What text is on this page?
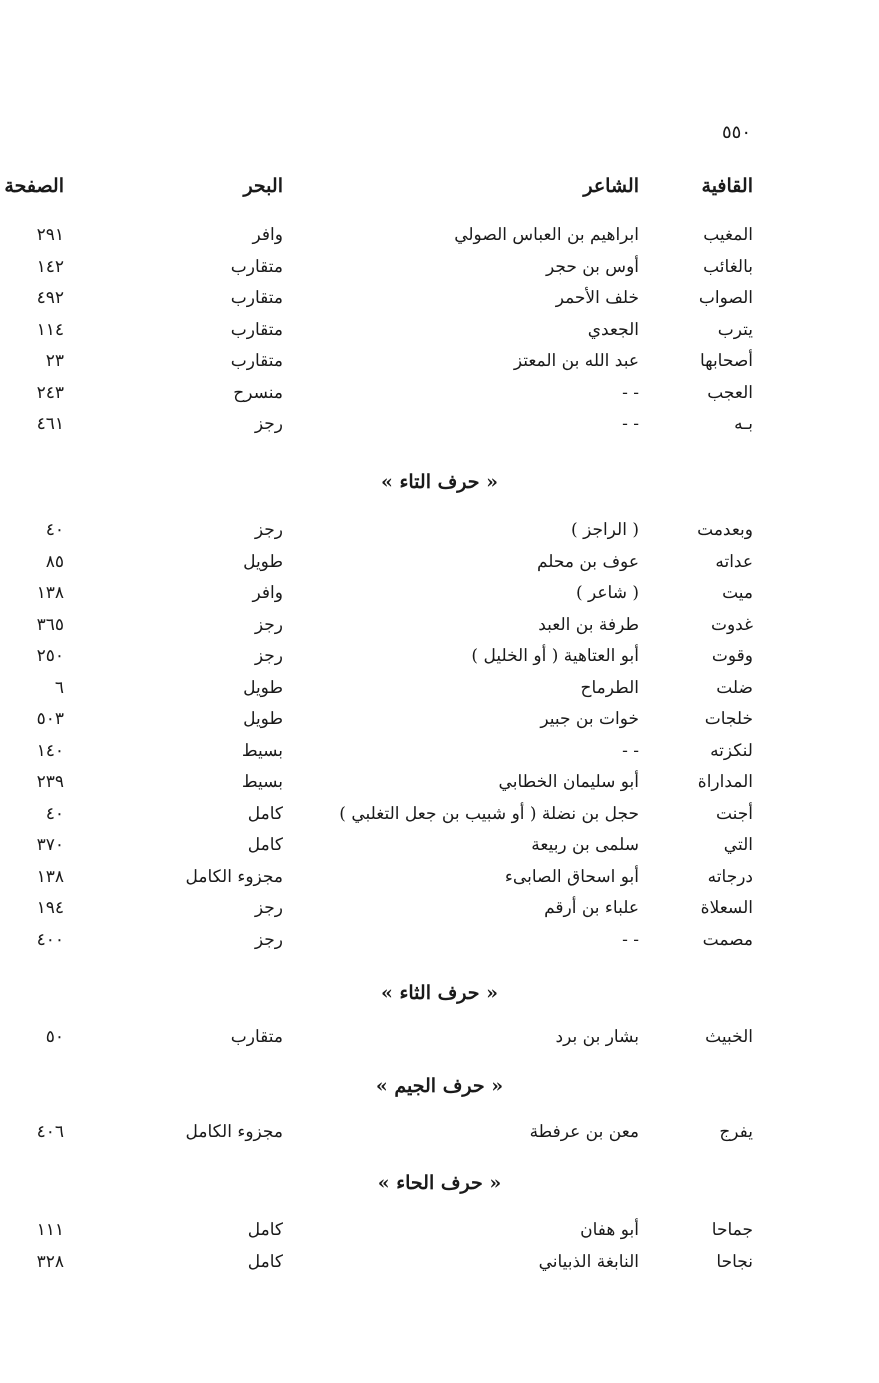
٥٥٠
القافية
الشاعر
البحر
الصفحة
المغيب
ابراهيم بن العباس الصولي
وافر
٢٩١
بالغائب
أوس بن حجر
متقارب
١٤٢
الصواب
خلف الأحمر
متقارب
٤٩٢
يترب
الجعدي
متقارب
١١٤
أصحابها
عبد الله بن المعتز
متقارب
٢٣
العجب
- -
منسرح
٢٤٣
بـه
- -
رجز
٤٦١
« حرف التاء »
وبعدمت
( الراجز )
رجز
٤٠
عداته
عوف بن محلم
طويل
٨٥
ميت
( شاعر )
وافر
١٣٨
غدوت
طرفة بن العبد
رجز
٣٦٥
وقوت
أبو العتاهية ( أو الخليل )
رجز
٢٥٠
ضلت
الطرماح
طويل
٦
خلجات
خوات بن جبير
طويل
٥٠٣
لنكزته
- -
بسيط
١٤٠
المداراة
أبو سليمان الخطابي
بسيط
٢٣٩
أجنت
حجل بن نضلة ( أو شبيب بن جعل التغلبي )
كامل
٤٠
التي
سلمى بن ربيعة
كامل
٣٧٠
درجاته
أبو اسحاق الصابىء
مجزوء الكامل
١٣٨
السعلاة
علباء بن أرقم
رجز
١٩٤
مصمت
- -
رجز
٤٠٠
« حرف الثاء »
الخبيث
بشار بن برد
متقارب
٥٠
« حرف الجيم »
يفرج
معن بن عرفطة
مجزوء الكامل
٤٠٦
« حرف الحاء »
جماحا
أبو هفان
كامل
١١١
نجاحا
النابغة الذبياني
كامل
٣٢٨
